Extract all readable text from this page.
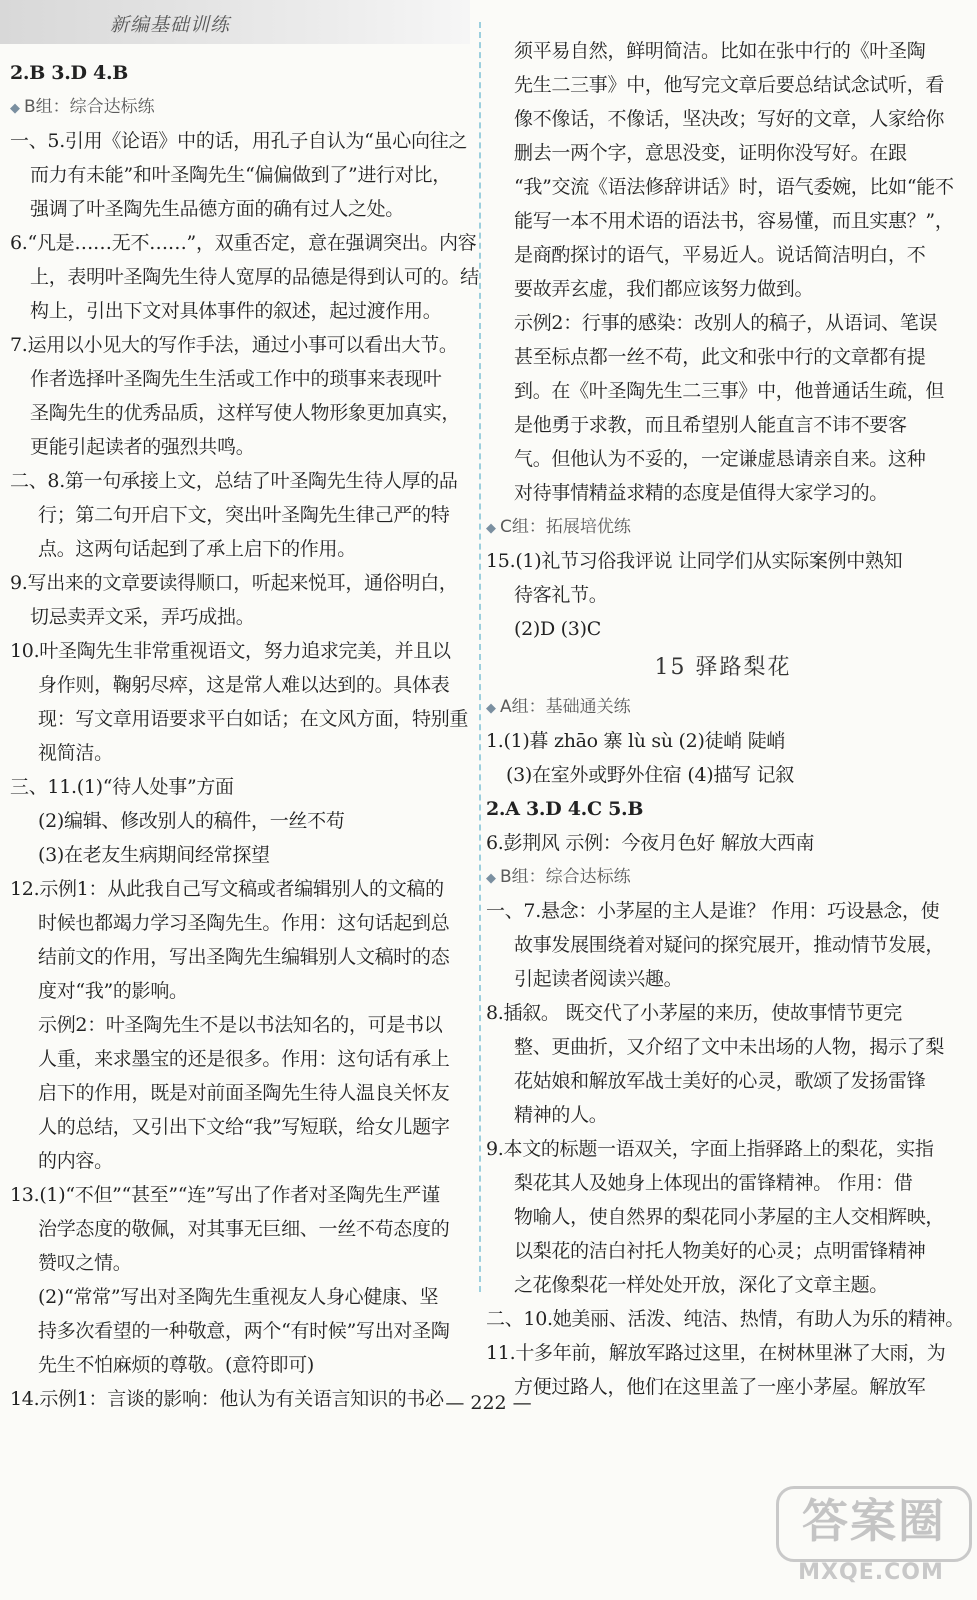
新编基础训练
2.B 3.D 4.B
◆ B组：综合达标练
一、5.引用《论语》中的话，用孔子自认为“虽心向往之
而力有未能”和叶圣陶先生“偏偏做到了”进行对比，
强调了叶圣陶先生品德方面的确有过人之处。
6.“凡是……无不……”，双重否定，意在强调突出。内容
上，表明叶圣陶先生待人宽厚的品德是得到认可的。结
构上，引出下文对具体事件的叙述，起过渡作用。
7.运用以小见大的写作手法，通过小事可以看出大节。
作者选择叶圣陶先生生活或工作中的琐事来表现叶
圣陶先生的优秀品质，这样写使人物形象更加真实，
更能引起读者的强烈共鸣。
二、8.第一句承接上文，总结了叶圣陶先生待人厚的品
行；第二句开启下文，突出叶圣陶先生律己严的特
点。这两句话起到了承上启下的作用。
9.写出来的文章要读得顺口，听起来悦耳，通俗明白，
切忌卖弄文采，弄巧成拙。
10.叶圣陶先生非常重视语文，努力追求完美，并且以
身作则，鞠躬尽瘁，这是常人难以达到的。具体表
现：写文章用语要求平白如话；在文风方面，特别重
视简洁。
三、11.(1)“待人处事”方面
(2)编辑、修改别人的稿件，一丝不苟
(3)在老友生病期间经常探望
12.示例1：从此我自己写文稿或者编辑别人的文稿的
时候也都竭力学习圣陶先生。作用：这句话起到总
结前文的作用，写出圣陶先生编辑别人文稿时的态
度对“我”的影响。
示例2：叶圣陶先生不是以书法知名的，可是书以
人重，来求墨宝的还是很多。作用：这句话有承上
启下的作用，既是对前面圣陶先生待人温良关怀友
人的总结，又引出下文给“我”写短联，给女儿题字
的内容。
13.(1)“不但”“甚至”“连”写出了作者对圣陶先生严谨
治学态度的敬佩，对其事无巨细、一丝不苟态度的
赞叹之情。
(2)“常常”写出对圣陶先生重视友人身心健康、坚
持多次看望的一种敬意，两个“有时候”写出对圣陶
先生不怕麻烦的尊敬。(意符即可)
14.示例1：言谈的影响：他认为有关语言知识的书必
须平易自然，鲜明简洁。比如在张中行的《叶圣陶
先生二三事》中，他写完文章后要总结试念试听，看
像不像话，不像话，坚决改；写好的文章，人家给你
删去一两个字，意思没变，证明你没写好。在跟
“我”交流《语法修辞讲话》时，语气委婉，比如“能不
能写一本不用术语的语法书，容易懂，而且实惠？”，
是商酌探讨的语气，平易近人。说话简洁明白，不
要故弄玄虚，我们都应该努力做到。
示例2：行事的感染：改别人的稿子，从语词、笔误
甚至标点都一丝不苟，此文和张中行的文章都有提
到。在《叶圣陶先生二三事》中，他普通话生疏，但
是他勇于求教，而且希望别人能直言不讳不要客
气。但他认为不妥的，一定谦虚恳请亲自来。这种
对待事情精益求精的态度是值得大家学习的。
◆ C组：拓展培优练
15.(1)礼节习俗我评说 让同学们从实际案例中熟知
待客礼节。
(2)D (3)C
15 驿路梨花
◆ A组：基础通关练
1.(1)暮 zhāo 寨 lù sù (2)徒峭 陡峭
(3)在室外或野外住宿 (4)描写 记叙
2.A 3.D 4.C 5.B
6.彭荆风 示例：今夜月色好 解放大西南
◆ B组：综合达标练
一、7.悬念：小茅屋的主人是谁？ 作用：巧设悬念，使
故事发展围绕着对疑问的探究展开，推动情节发展，
引起读者阅读兴趣。
8.插叙。 既交代了小茅屋的来历，使故事情节更完
整、更曲折，又介绍了文中未出场的人物，揭示了梨
花姑娘和解放军战士美好的心灵，歌颂了发扬雷锋
精神的人。
9.本文的标题一语双关，字面上指驿路上的梨花，实指
梨花其人及她身上体现出的雷锋精神。 作用：借
物喻人，使自然界的梨花同小茅屋的主人交相辉映，
以梨花的洁白衬托人物美好的心灵；点明雷锋精神
之花像梨花一样处处开放，深化了文章主题。
二、10.她美丽、活泼、纯洁、热情，有助人为乐的精神。
11.十多年前，解放军路过这里，在树林里淋了大雨，为
方便过路人，他们在这里盖了一座小茅屋。解放军
— 222 —
答案圈
MXQE.COM
